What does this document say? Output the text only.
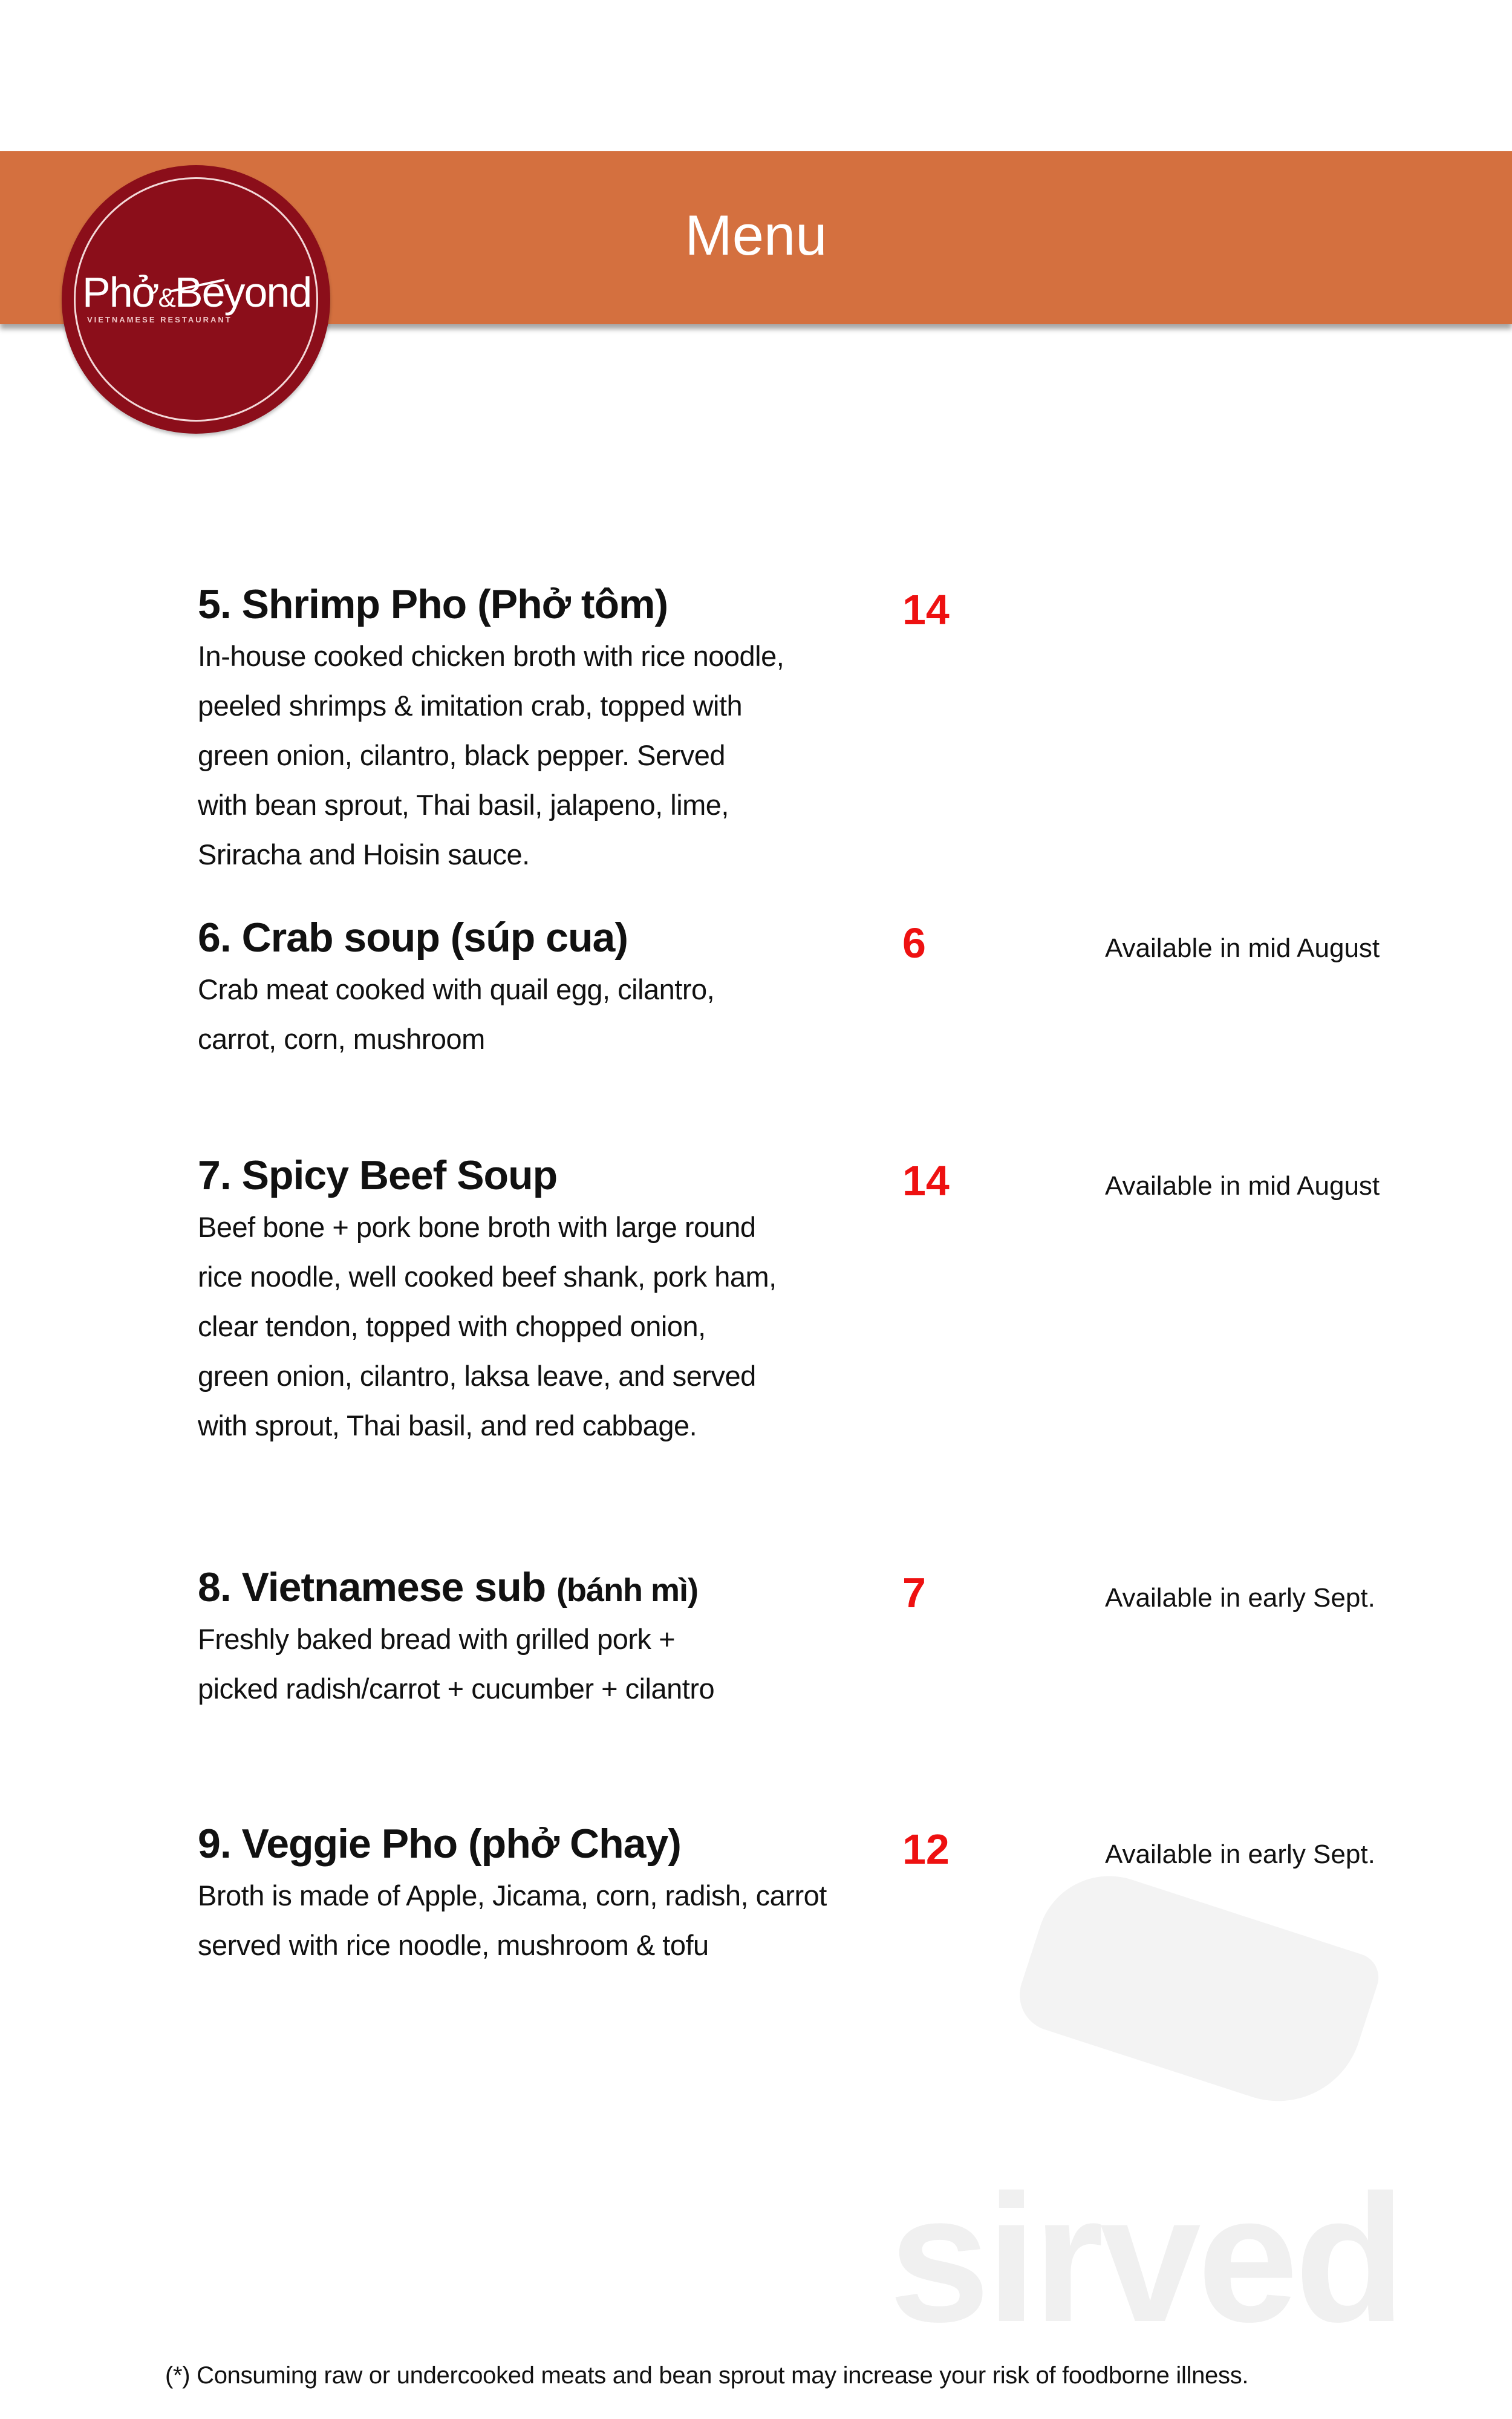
Menu
Phở&Beyond
VIETNAMESE RESTAURANT
sirved
5. Shrimp Pho (Phở tôm)
In-house cooked chicken broth with rice noodle,
peeled shrimps & imitation crab, topped with
green onion, cilantro, black pepper. Served
with bean sprout, Thai basil, jalapeno, lime,
Sriracha and Hoisin sauce.
14
6. Crab soup (súp cua)
Crab meat cooked with quail egg, cilantro,
carrot, corn, mushroom
6	Available in mid August
7. Spicy Beef Soup
Beef bone + pork bone broth with large round
rice noodle, well cooked beef shank, pork ham,
clear tendon, topped with chopped onion,
green onion, cilantro, laksa leave, and served
with sprout, Thai basil, and red cabbage.
14	Available in mid August
8. Vietnamese sub (bánh mì)
Freshly baked bread with grilled pork +
picked radish/carrot + cucumber + cilantro
7	Available in early Sept.
9. Veggie Pho (phở Chay)
Broth is made of Apple, Jicama, corn, radish, carrot
served with rice noodle, mushroom & tofu
12	Available in early Sept.
(*) Consuming raw or undercooked meats and bean sprout may increase your risk of foodborne illness.
